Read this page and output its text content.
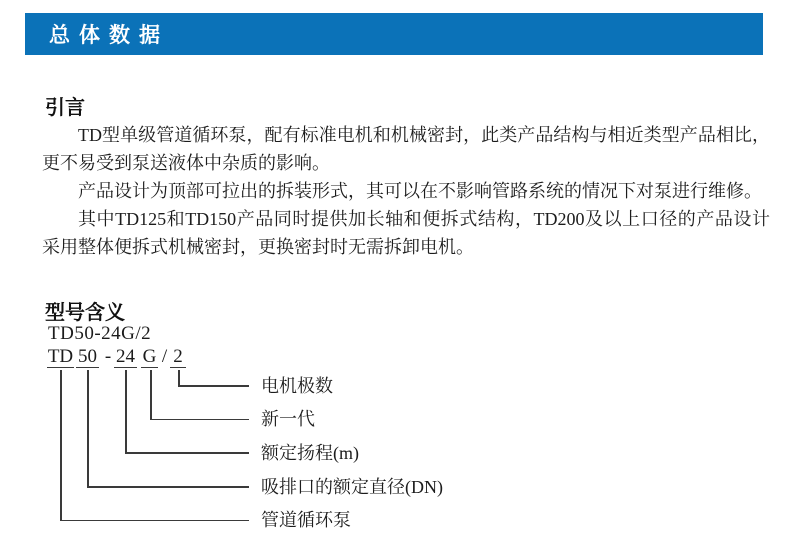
总体数据
引言

TD型单级管道循环泵，配有标准电机和机械密封，此类产品结构与相近类型产品相比，更不易受到泵送液体中杂质的影响。

产品设计为顶部可拉出的拆装形式，其可以在不影响管路系统的情况下对泵进行维修。

其中TD125和TD150产品同时提供加长轴和便拆式结构，TD200及以上口径的产品设计采用整体便拆式机械密封，更换密封时无需拆卸电机。

型号含义
TD50-24G/2
TD 50 - 24 G / 2
电机极数
新一代
额定扬程(m)
吸排口的额定直径(DN)
管道循环泵
